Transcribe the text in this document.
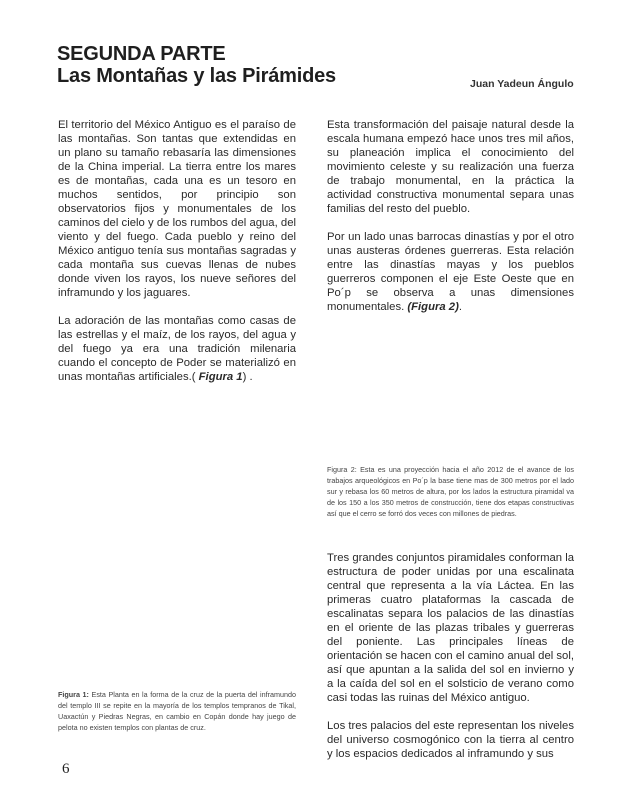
SEGUNDA PARTE
Las Montañas y las Pirámides	Juan Yadeun Ángulo

El territorio del México Antiguo es el paraíso de las montañas. Son tantas que extendidas en un plano su tamaño rebasaría las dimensiones de la China imperial. La tierra entre los mares es de montañas, cada una es un tesoro en muchos sentidos, por principio son observatorios fijos y monumentales de los caminos del cielo y de los rumbos del agua, del viento y del fuego. Cada pueblo y reino del México antiguo tenía sus montañas sagradas y cada montaña sus cuevas llenas de nubes donde viven los rayos, los nueve señores del inframundo y los jaguares.

La adoración de las montañas como casas de las estrellas y el maíz, de los rayos, del agua y del fuego ya era una tradición milenaria cuando el concepto de Poder se materializó en unas montañas artificiales.( Figura 1) .

Esta transformación del paisaje natural desde la escala humana empezó hace unos tres mil años, su planeación implica el conocimiento del movimiento celeste y su realización una fuerza de trabajo monumental, en la práctica la actividad constructiva monumental separa unas familias del resto del pueblo.

Por un lado unas barrocas dinastías y por el otro unas austeras órdenes guerreras. Esta relación entre las dinastías mayas y los pueblos guerreros componen el eje Este Oeste que en Po´p se observa a unas dimensiones monumentales. (Figura 2).

Figura 2: Esta es una proyección hacia el año 2012 de el avance de los trabajos arqueológicos en Po´p la base tiene mas de 300 metros por el lado sur y rebasa los 60 metros de altura, por los lados la estructura piramidal va de los 150 a los 350 metros de construcción, tiene dos etapas constructivas así que el cerro se forró dos veces con millones de piedras.

Tres grandes conjuntos piramidales conforman la estructura de poder unidas por una escalinata central que representa a la vía Láctea. En las primeras cuatro plataformas la cascada de escalinatas separa los palacios de las dinastías en el oriente de las plazas tribales y guerreras del poniente. Las principales líneas de orientación se hacen con el camino anual del sol, así que apuntan a la salida del sol en invierno y a la caída del sol en el solsticio de verano como casi todas las ruinas del México antiguo.

Los tres palacios del este representan los niveles del universo cosmogónico con la tierra al centro y los espacios dedicados al inframundo y sus

Figura 1: Esta Planta en la forma de la cruz de la puerta del inframundo del templo III se repite en la mayoría de los templos tempranos de Tikal, Uaxactún y Piedras Negras, en cambio en Copán donde hay juego de pelota no existen templos con plantas de cruz.
6
